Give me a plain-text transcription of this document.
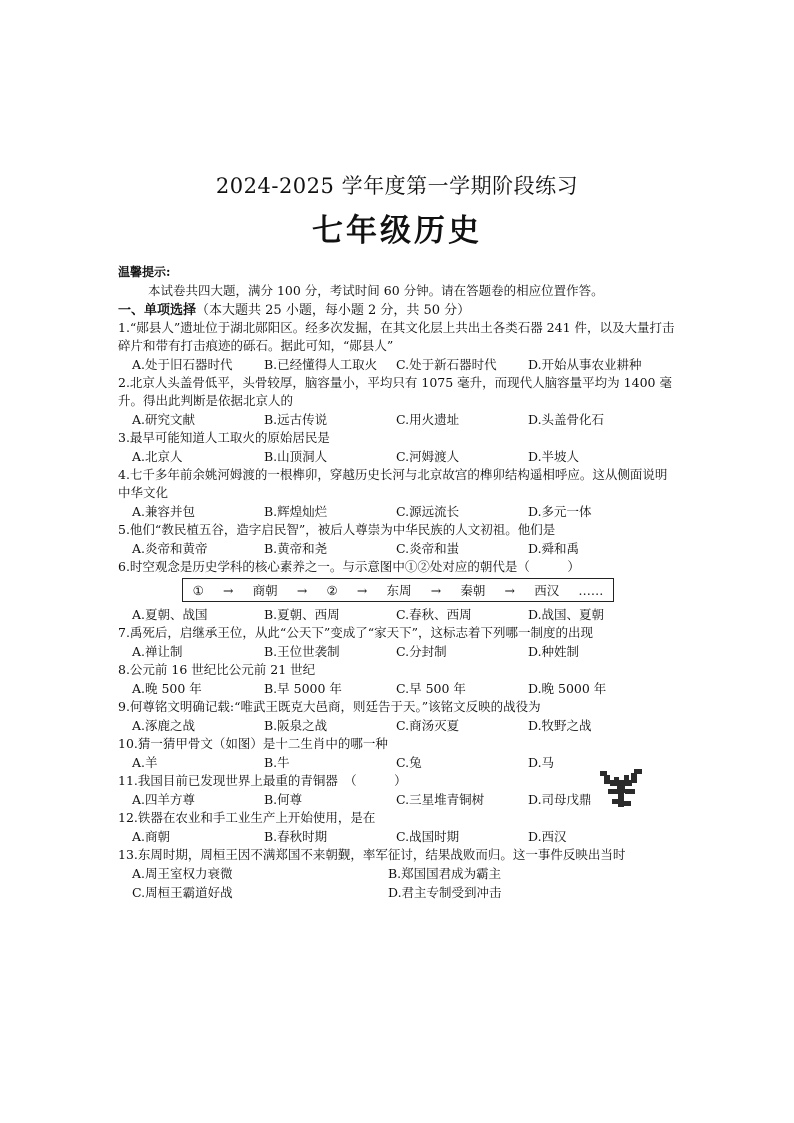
2024-2025 学年度第一学期阶段练习
七年级历史
温馨提示:
本试卷共四大题，满分 100 分，考试时间 60 分钟。请在答题卷的相应位置作答。
一、单项选择（本大题共 25 小题，每小题 2 分，共 50 分）

1.“郧县人”遗址位于湖北郧阳区。经多次发掘，在其文化层上共出土各类石器 241 件，以及大量打击碎片和带有打击痕迹的砾石。据此可知，“郧县人”

A.处于旧石器时代	B.已经懂得人工取火	C.处于新石器时代	D.开始从事农业耕种

2.北京人头盖骨低平，头骨较厚，脑容量小，平均只有 1075 毫升，而现代人脑容量平均为 1400 毫升。得出此判断是依据北京人的

A.研究文献	B.远古传说	C.用火遗址	D.头盖骨化石

3.最早可能知道人工取火的原始居民是

A.北京人	B.山顶洞人	C.河姆渡人	D.半坡人

4.七千多年前余姚河姆渡的一根榫卯，穿越历史长河与北京故宫的榫卯结构遥相呼应。这从侧面说明中华文化

A.兼容并包	B.辉煌灿烂	C.源远流长	D.多元一体

5.他们“教民植五谷，造字启民智”，被后人尊崇为中华民族的人文初祖。他们是

A.炎帝和黄帝	B.黄帝和尧	C.炎帝和蚩	D.舜和禹

6.时空观念是历史学科的核心素养之一。与示意图中①②处对应的朝代是（　　　）

① → 商朝 → ② → 东周 → 秦朝 → 西汉 ……
A.夏朝、战国	B.夏朝、西周	C.春秋、西周	D.战国、夏朝

7.禹死后，启继承王位，从此“公天下”变成了“家天下”，这标志着下列哪一制度的出现

A.禅让制	B.王位世袭制	C.分封制	D.种姓制

8.公元前 16 世纪比公元前 21 世纪

A.晚 500 年	B.早 5000 年	C.早 500 年	D.晚 5000 年

9.何尊铭文明确记载:“唯武王既克大邑商，则廷告于天。”该铭文反映的战役为

A.涿鹿之战	B.阪泉之战	C.商汤灭夏	D.牧野之战

10.猜一猜甲骨文（如图）是十二生肖中的哪一种

A.羊	B.牛	C.兔	D.马

11.我国目前已发现世界上最重的青铜器　（　　　）

A.四羊方尊	B.何尊	C.三星堆青铜树	D.司母戊鼎

12.铁器在农业和手工业生产上开始使用，是在

A.商朝	B.春秋时期	C.战国时期	D.西汉

13.东周时期，周桓王因不满郑国不来朝觐，率军征讨，结果战败而归。这一事件反映出当时

A.周王室权力衰微	B.郑国国君成为霸主
C.周桓王霸道好战	D.君主专制受到冲击
